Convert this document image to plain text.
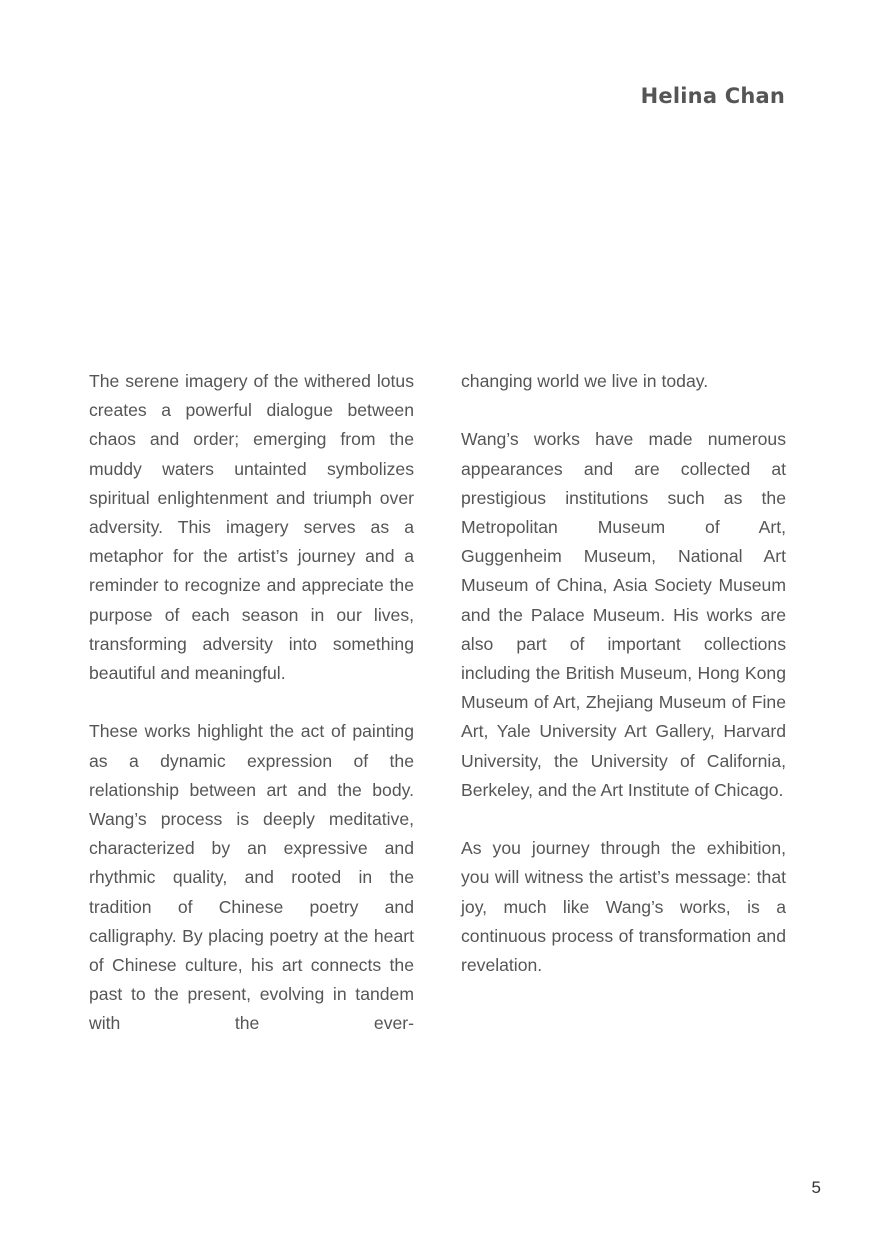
Helina Chan

The serene imagery of the withered lotus creates a powerful dialogue between chaos and order; emerging from the muddy waters untainted symbolizes spiritual enlightenment and triumph over adversity. This imagery serves as a metaphor for the artist’s journey and a reminder to recognize and appreciate the purpose of each season in our lives, transforming adversity into something beautiful and meaningful.

These works highlight the act of painting as a dynamic expression of the relationship between art and the body. Wang’s process is deeply meditative, characterized by an expressive and rhythmic quality, and rooted in the tradition of Chinese poetry and calligraphy. By placing poetry at the heart of Chinese culture, his art connects the past to the present, evolving in tandem with the ever-

changing world we live in today.

Wang’s works have made numerous appearances and are collected at prestigious institutions such as the Metropolitan Museum of Art, Guggenheim Museum, National Art Museum of China, Asia Society Museum and the Palace Museum. His works are also part of important collections including the British Museum, Hong Kong Museum of Art, Zhejiang Museum of Fine Art, Yale University Art Gallery, Harvard University, the University of California, Berkeley, and the Art Institute of Chicago.

As you journey through the exhibition, you will witness the artist’s message: that joy, much like Wang’s works, is a continuous process of transformation and revelation.

5
